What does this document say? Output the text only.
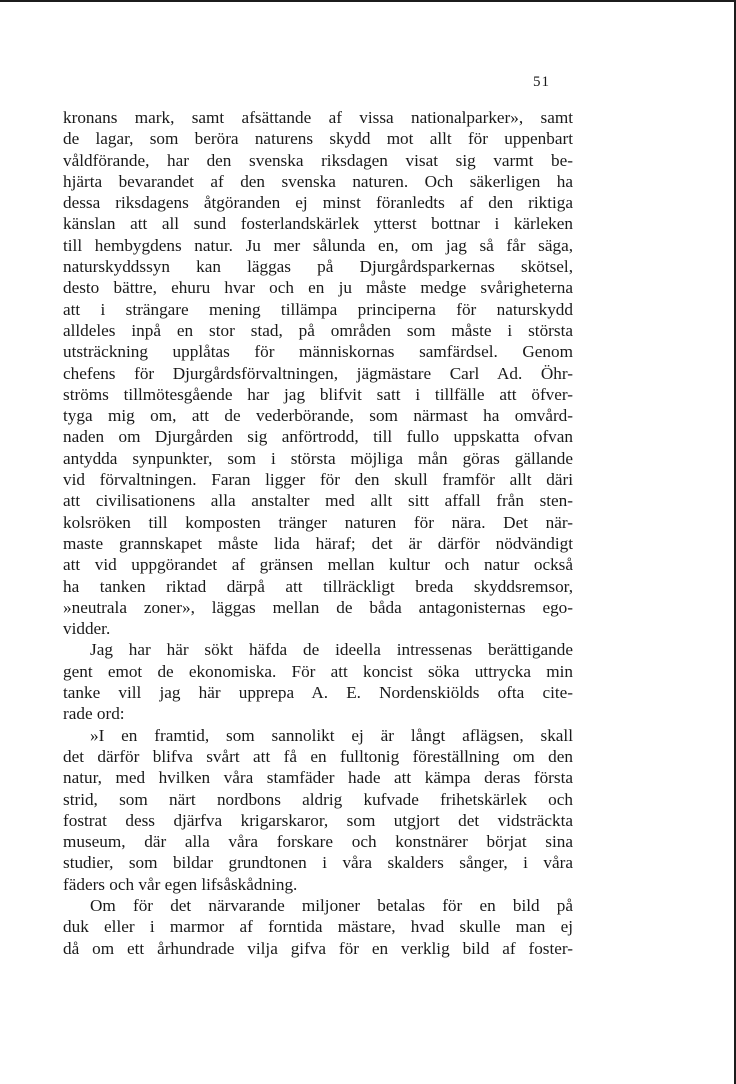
51
kronans mark, samt afsättande af vissa nationalparker», samt
de lagar, som beröra naturens skydd mot allt för uppenbart
våldförande, har den svenska riksdagen visat sig varmt be-
hjärta bevarandet af den svenska naturen. Och säkerligen ha
dessa riksdagens åtgöranden ej minst föranledts af den riktiga
känslan att all sund fosterlandskärlek ytterst bottnar i kärleken
till hembygdens natur. Ju mer sålunda en, om jag så får säga,
naturskyddssyn kan läggas på Djurgårdsparkernas skötsel,
desto bättre, ehuru hvar och en ju måste medge svårigheterna
att i strängare mening tillämpa principerna för naturskydd
alldeles inpå en stor stad, på områden som måste i största
utsträckning upplåtas för människornas samfärdsel. Genom
chefens för Djurgårdsförvaltningen, jägmästare Carl Ad. Öhr-
ströms tillmötesgående har jag blifvit satt i tillfälle att öfver-
tyga mig om, att de vederbörande, som närmast ha omvård-
naden om Djurgården sig anförtrodd, till fullo uppskatta ofvan
antydda synpunkter, som i största möjliga mån göras gällande
vid förvaltningen. Faran ligger för den skull framför allt däri
att civilisationens alla anstalter med allt sitt affall från sten-
kolsröken till komposten tränger naturen för nära. Det när-
maste grannskapet måste lida häraf; det är därför nödvändigt
att vid uppgörandet af gränsen mellan kultur och natur också
ha tanken riktad därpå att tillräckligt breda skyddsremsor,
»neutrala zoner», läggas mellan de båda antagonisternas ego-
vidder.
Jag har här sökt häfda de ideella intressenas berättigande
gent emot de ekonomiska. För att koncist söka uttrycka min
tanke vill jag här upprepa A. E. Nordenskiölds ofta cite-
rade ord:
»I en framtid, som sannolikt ej är långt aflägsen, skall
det därför blifva svårt att få en fulltonig föreställning om den
natur, med hvilken våra stamfäder hade att kämpa deras första
strid, som närt nordbons aldrig kufvade frihetskärlek och
fostrat dess djärfva krigarskaror, som utgjort det vidsträckta
museum, där alla våra forskare och konstnärer börjat sina
studier, som bildar grundtonen i våra skalders sånger, i våra
fäders och vår egen lifsåskådning.
Om för det närvarande miljoner betalas för en bild på
duk eller i marmor af forntida mästare, hvad skulle man ej
då om ett århundrade vilja gifva för en verklig bild af foster-
